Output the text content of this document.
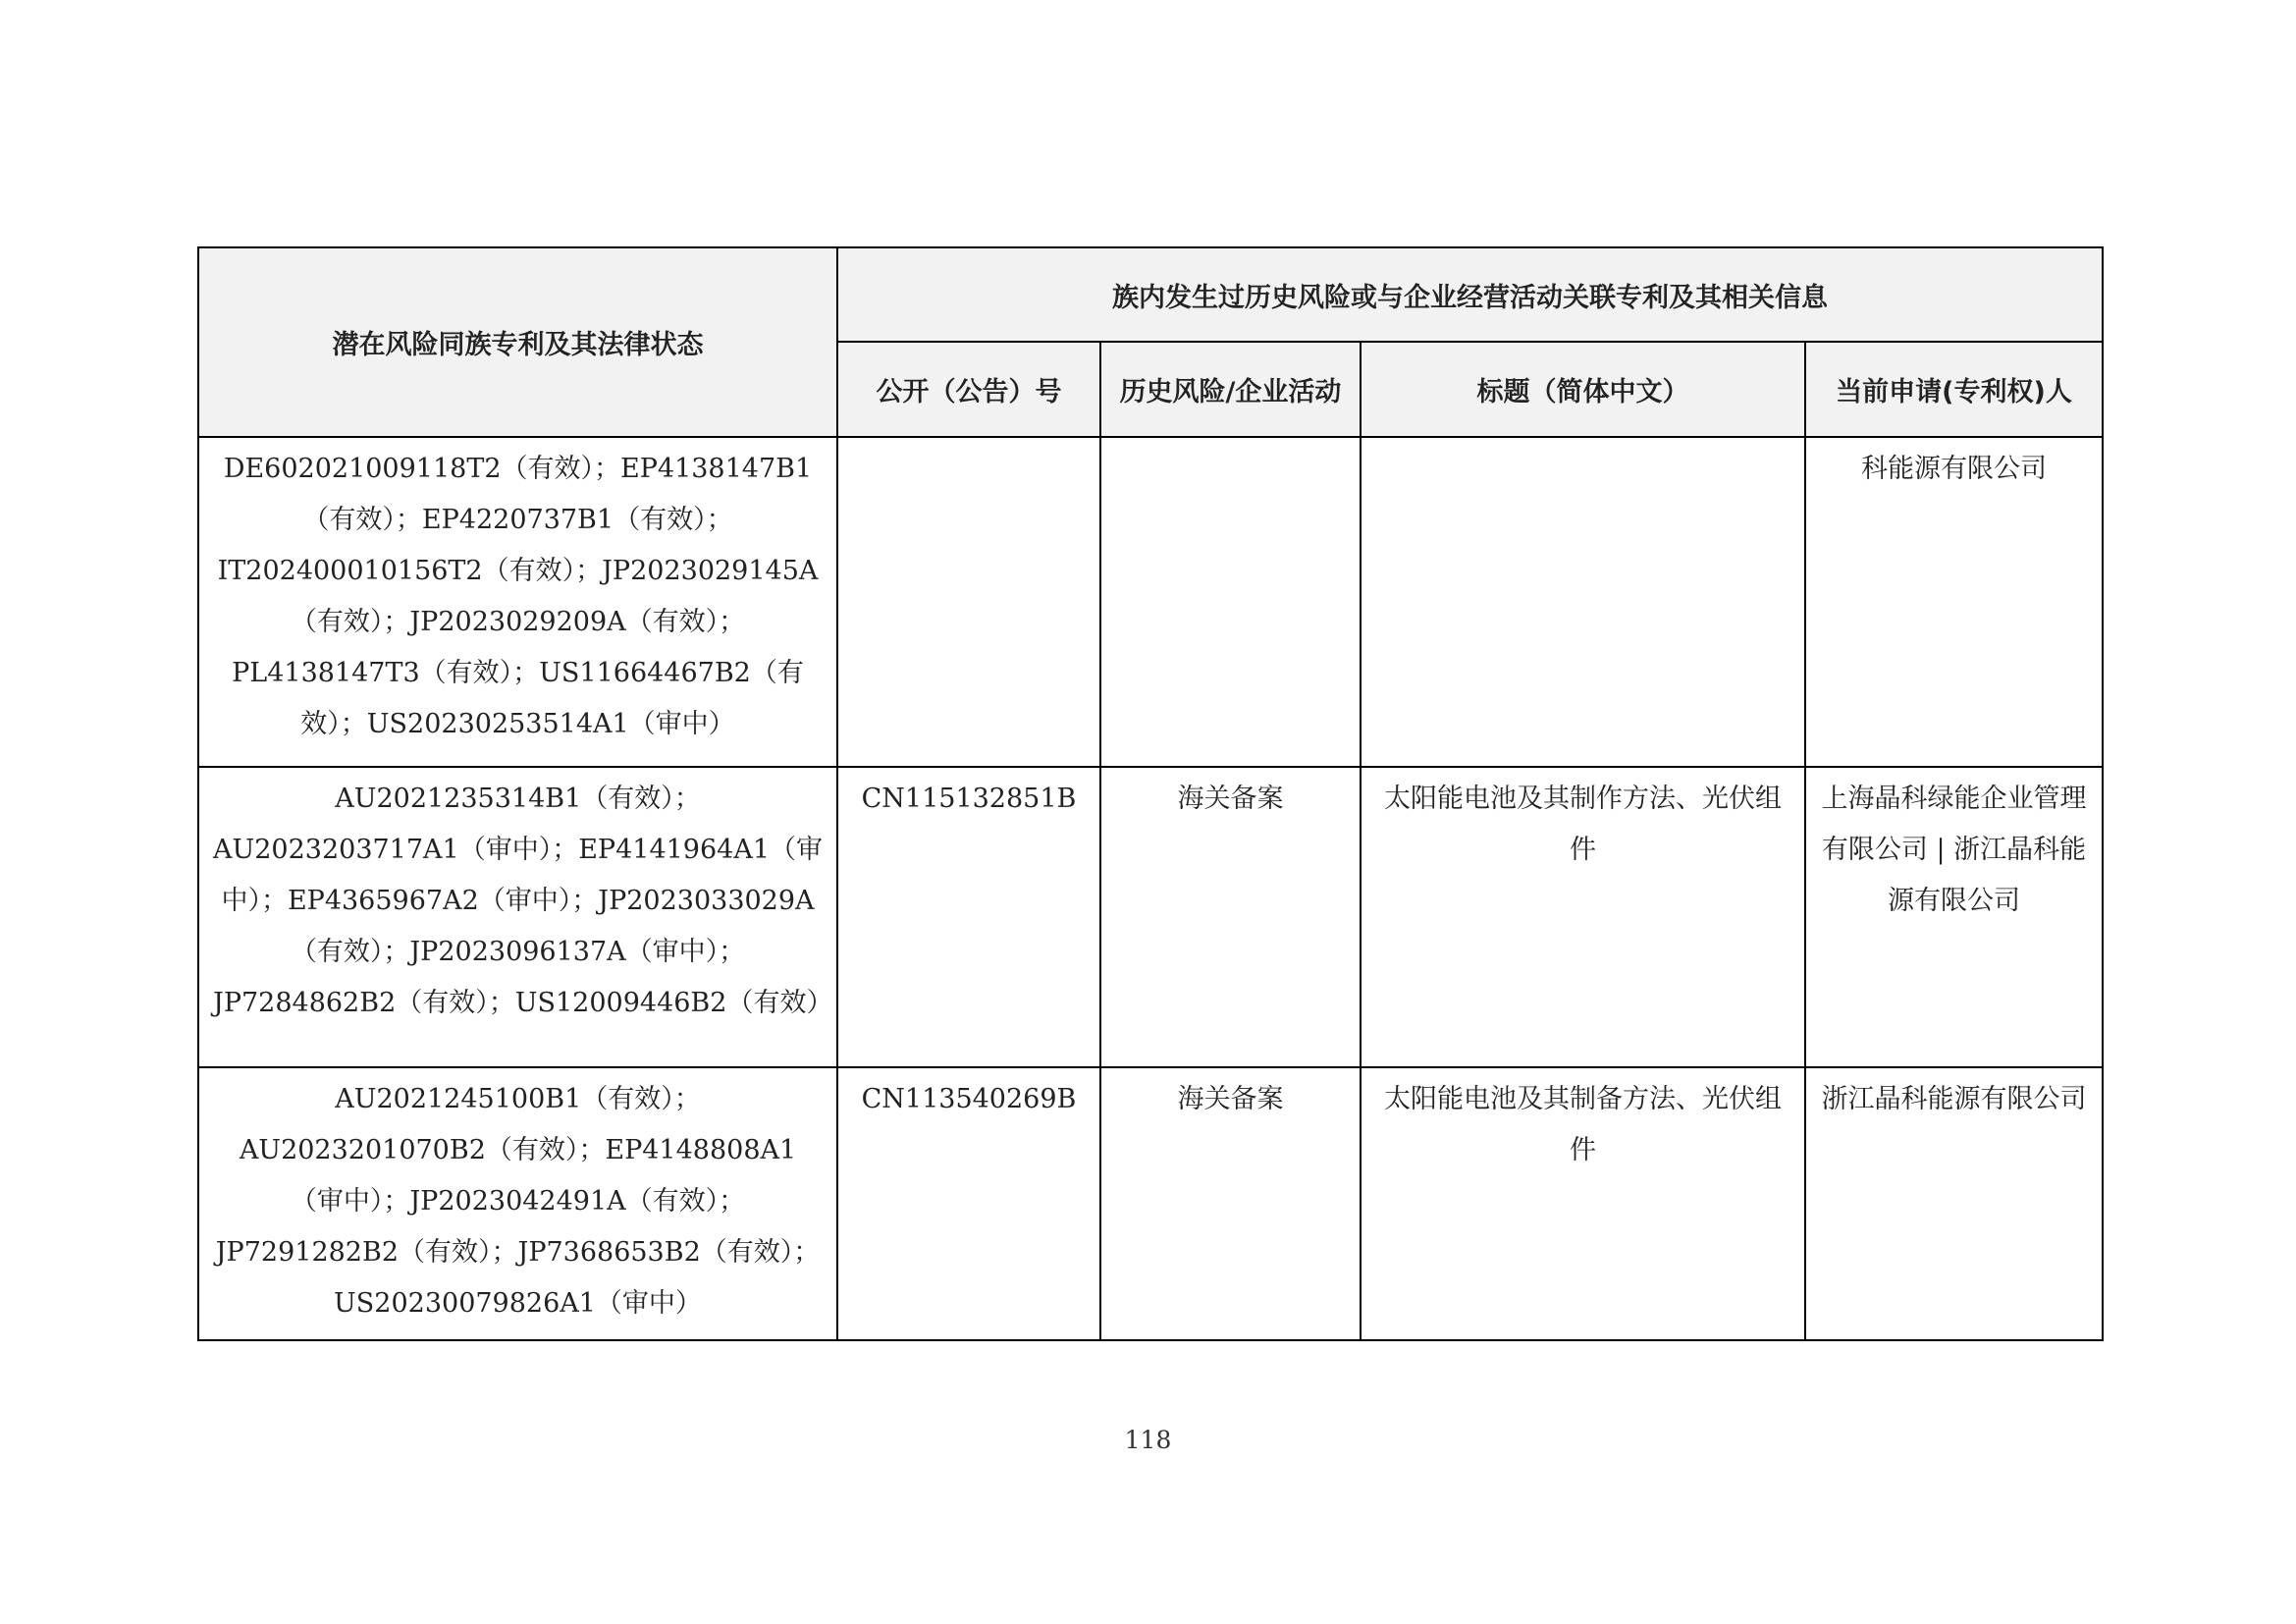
潜在风险同族专利及其法律状态	族内发生过历史风险或与企业经营活动关联专利及其相关信息			
	公开（公告）号	历史风险/企业活动	标题（简体中文）	当前申请(专利权)人
DE602021009118T2（有效）；EP4138147B1（有效）；EP4220737B1（有效）；IT202400010156T2（有效）；JP2023029145A（有效）；JP2023029209A（有效）；PL4138147T3（有效）；US11664467B2（有效）；US20230253514A1（审中）				科能源有限公司
AU2021235314B1（有效）；AU2023203717A1（审中）；EP4141964A1（审中）；EP4365967A2（审中）；JP2023033029A（有效）；JP2023096137A（审中）；JP7284862B2（有效）；US12009446B2（有效）	CN115132851B	海关备案	太阳能电池及其制作方法、光伏组件	上海晶科绿能企业管理有限公司 | 浙江晶科能源有限公司
AU2021245100B1（有效）；AU2023201070B2（有效）；EP4148808A1（审中）；JP2023042491A（有效）；JP7291282B2（有效）；JP7368653B2（有效）；US20230079826A1（审中）	CN113540269B	海关备案	太阳能电池及其制备方法、光伏组件	浙江晶科能源有限公司
118
